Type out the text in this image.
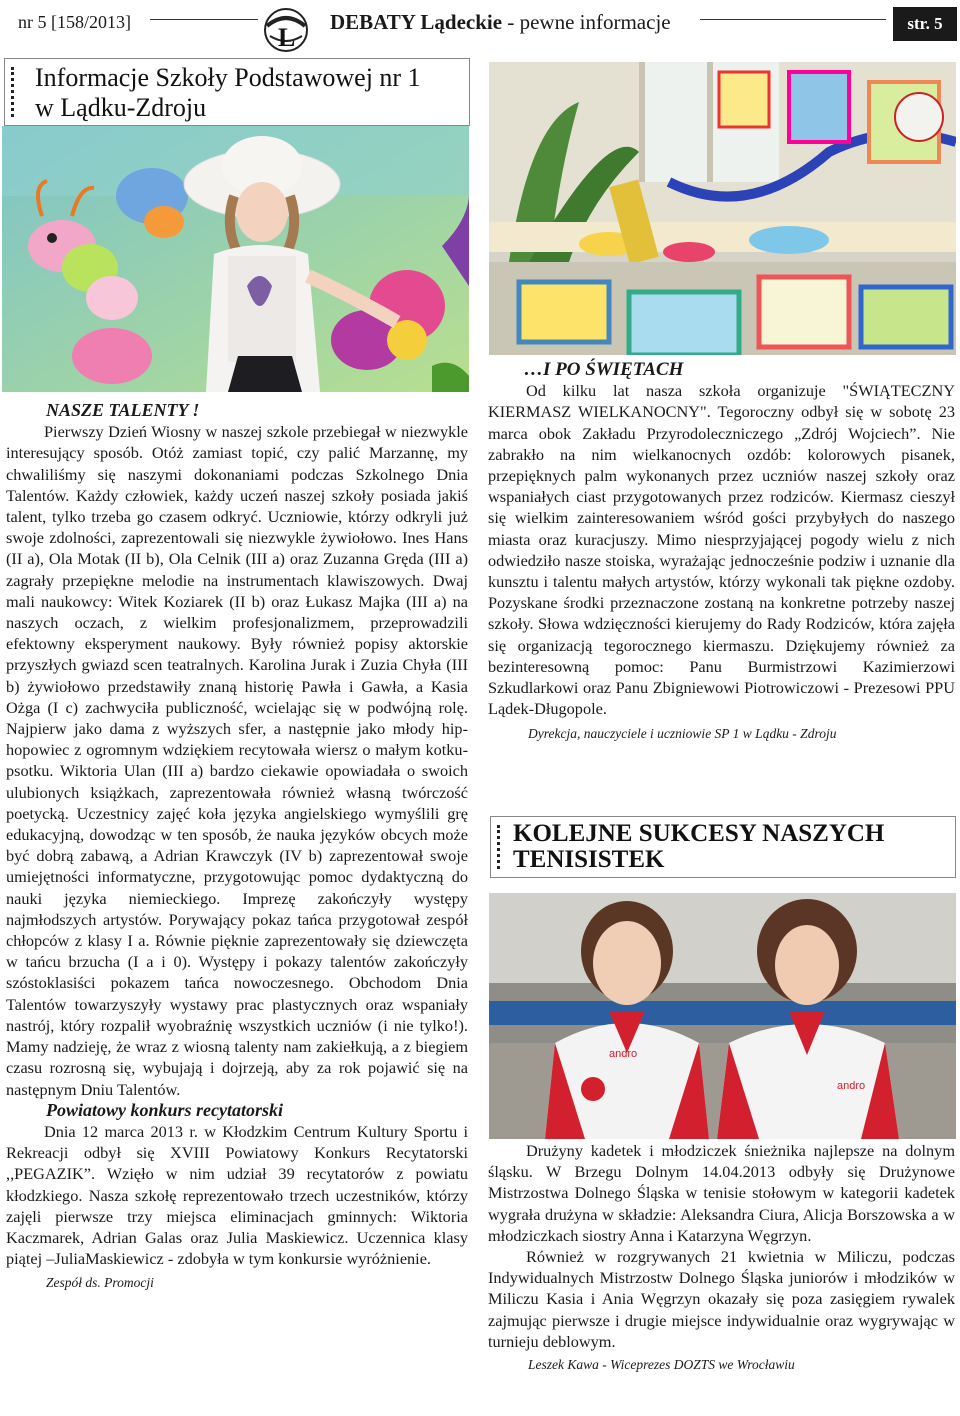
nr 5 [158/2013]
L
DEBATY Lądeckie - pewne informacje	str. 5
Informacje Szkoły Podstawowej nr 1
w Lądku-Zdroju

NASZE TALENTY !

Pierwszy Dzień Wiosny w naszej szkole przebiegał w niezwykle interesujący sposób. Otóż zamiast topić, czy palić Marzannę, my chwaliliśmy się naszymi dokonaniami podczas Szkolnego Dnia Talentów. Każdy człowiek, każdy uczeń naszej szkoły posiada jakiś talent, tylko trzeba go czasem odkryć. Uczniowie, którzy odkryli już swoje zdolności, zaprezentowali się niezwykle żywiołowo. Ines Hans (II a), Ola Motak (II b), Ola Celnik (III a) oraz Zuzanna Gręda (III a) zagrały przepiękne melodie na instrumentach klawiszowych. Dwaj mali naukowcy: Witek Koziarek (II b) oraz Łukasz Majka (III a) na naszych oczach, z wielkim profesjonalizmem, przeprowadzili efektowny eksperyment naukowy. Były również popisy aktorskie przyszłych gwiazd scen teatralnych. Karolina Jurak i Zuzia Chyła (III b) żywiołowo przedstawiły znaną historię Pawła i Gawła, a Kasia Ożga (I c) zachwyciła publiczność, wcielając się w podwójną rolę. Najpierw jako dama z wyższych sfer, a następnie jako młody hip-hopowiec z ogromnym wdziękiem recytowała wiersz o małym kotku-psotku. Wiktoria Ulan (III a) bardzo ciekawie opowiadała o swoich ulubionych książkach, zaprezentowała również własną twórczość poetycką. Uczestnicy zajęć koła języka angielskiego wymyślili grę edukacyjną, dowodząc w ten sposób, że nauka języków obcych może być dobrą zabawą, a Adrian Krawczyk (IV b) zaprezentował swoje umiejętności informatyczne, przygotowując pomoc dydaktyczną do nauki języka niemieckiego. Imprezę zakończyły występy najmłodszych artystów. Porywający pokaz tańca przygotował zespół chłopców z klasy I a. Równie pięknie zaprezentowały się dziewczęta w tańcu brzucha (I a i 0). Występy i pokazy talentów zakończyły szóstoklasiści pokazem tańca nowoczesnego. Obchodom Dnia Talentów towarzyszyły wystawy prac plastycznych oraz wspaniały nastrój, który rozpalił wyobraźnię wszystkich uczniów (i nie tylko!). Mamy nadzieję, że wraz z wiosną talenty nam zakiełkują, a z biegiem czasu rozrosną się, wybujają i dojrzeją, aby za rok pojawić się na następnym Dniu Talentów.

Powiatowy konkurs recytatorski

Dnia 12 marca 2013 r. w Kłodzkim Centrum Kultury Sportu i Rekreacji odbył się XVIII Powiatowy Konkurs Recytatorski ,,PEGAZIK”. Wzięło w nim udział 39 recytatorów z powiatu kłodzkiego. Nasza szkołę reprezentowało trzech uczestników, którzy zajęli pierwsze trzy miejsca eliminacjach gminnych: Wiktoria Kaczmarek, Adrian Galas oraz Julia Maskiewicz. Uczennica klasy piątej –JuliaMaskiewicz - zdobyła w tym konkursie wyróżnienie.

Zespół ds. Promocji

…I PO ŚWIĘTACH

Od kilku lat nasza szkoła organizuje "ŚWIĄTECZNY KIERMASZ WIELKANOCNY". Tegoroczny odbył się w sobotę 23 marca obok Zakładu Przyrodoleczniczego „Zdrój Wojciech”. Nie zabrakło na nim wielkanocnych ozdób: kolorowych pisanek, przepięknych palm wykonanych przez uczniów naszej szkoły oraz wspaniałych ciast przygotowanych przez rodziców. Kiermasz cieszył się wielkim zainteresowaniem wśród gości przybyłych do naszego miasta oraz kuracjuszy. Mimo niesprzyjającej pogody wielu z nich odwiedziło nasze stoiska, wyrażając jednocześnie podziw i uznanie dla kunsztu i talentu małych artystów, którzy wykonali tak piękne ozdoby. Pozyskane środki przeznaczone zostaną na konkretne potrzeby naszej szkoły. Słowa wdzięczności kierujemy do Rady Rodziców, która zajęła się organizacją tegorocznego kiermaszu. Dziękujemy również za bezinteresowną pomoc: Panu Burmistrzowi Kazimierzowi Szkudlarkowi oraz Panu Zbigniewowi Piotrowiczowi - Prezesowi PPU Lądek-Długopole.

Dyrekcja, nauczyciele i uczniowie SP 1 w Lądku - Zdroju

KOLEJNE SUKCESY NASZYCH
TENISISTEK
andro
andro

Drużyny kadetek i młodziczek śnieżnika najlepsze na dolnym śląsku. W Brzegu Dolnym 14.04.2013 odbyły się Drużynowe Mistrzostwa Dolnego Śląska w tenisie stołowym w kategorii kadetek wygrała drużyna w składzie: Aleksandra Ciura, Alicja Borszowska a w młodziczkach siostry Anna i Katarzyna Węgrzyn.

Również w rozgrywanych 21 kwietnia w Miliczu, podczas Indywidualnych Mistrzostw Dolnego Śląska juniorów i młodzików w Miliczu Kasia i Ania Węgrzyn okazały się poza zasięgiem rywalek zajmując pierwsze i drugie miejsce indywidualnie oraz wygrywając w turnieju deblowym.

Leszek Kawa - Wiceprezes DOZTS we Wrocławiu
